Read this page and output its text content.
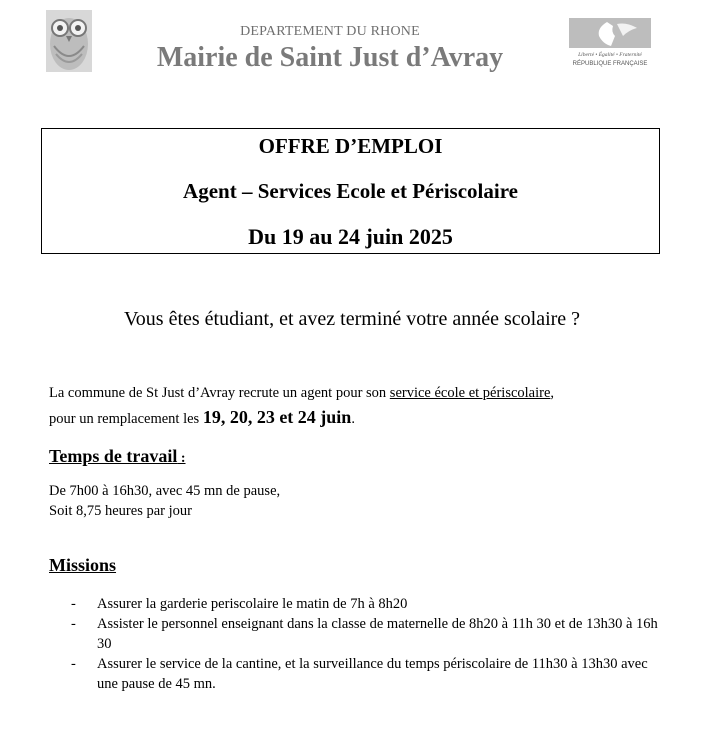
DEPARTEMENT DU RHONE
Mairie de Saint Just d’Avray	Liberté • Égalité • Fraternité
RÉPUBLIQUE FRANÇAISE
OFFRE D’EMPLOI
Agent – Services Ecole et Périscolaire
Du 19 au 24 juin 2025
Vous êtes étudiant, et avez terminé votre année scolaire ?
La commune de St Just d’Avray recrute un agent pour son service école et périscolaire,
pour un remplacement les 19, 20, 23 et 24 juin.
Temps de travail :
De 7h00 à 16h30, avec 45 mn de pause,
Soit 8,75 heures par jour
Missions
- Assurer la garderie periscolaire le matin de 7h à 8h20
- Assister le personnel enseignant dans la classe de maternelle de 8h20 à 11h 30 et de 13h30 à 16h 30
- Assurer le service de la cantine, et la surveillance du temps périscolaire de 11h30 à 13h30 avec une pause de 45 mn.
